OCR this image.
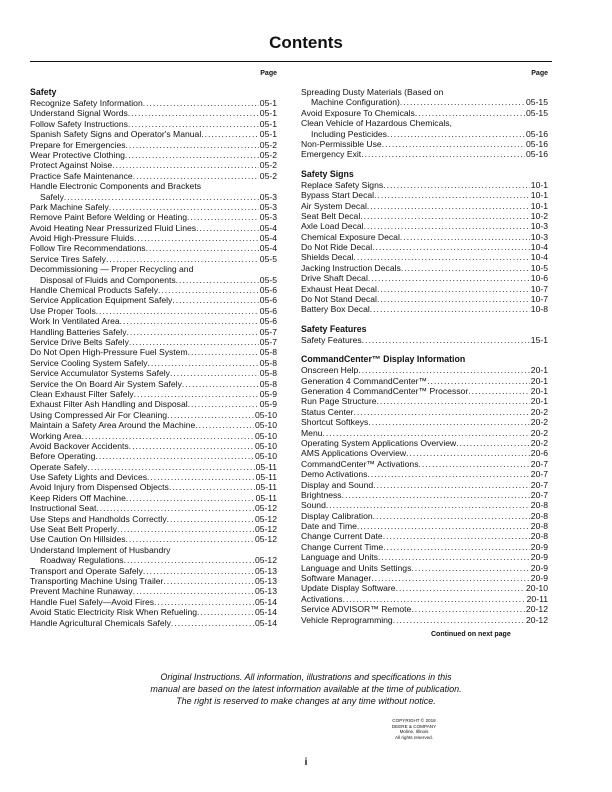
Contents
Page
Safety
Recognize Safety Information .....	05-1
Understand Signal Words .....	05-1
Follow Safety Instructions .....	05-1
Spanish Safety Signs and Operator's Manual .....	05-1
Prepare for Emergencies .....	05-2
Wear Protective Clothing .....	05-2
Protect Against Noise .....	05-2
Practice Safe Maintenance .....	05-2
Handle Electronic Components and Brackets
Safely .....	05-3
Park Machine Safely .....	05-3
Remove Paint Before Welding or Heating .....	05-3
Avoid Heating Near Pressurized Fluid Lines .....	05-4
Avoid High-Pressure Fluids .....	05-4
Follow Tire Recommendations .....	05-4
Service Tires Safely .....	05-5
Decommissioning — Proper Recycling and
Disposal of Fluids and Components .....	05-5
Handle Chemical Products Safely .....	05-6
Service Application Equipment Safely .....	05-6
Use Proper Tools .....	05-6
Work In Ventilated Area .....	05-6
Handling Batteries Safely .....	05-7
Service Drive Belts Safely .....	05-7
Do Not Open High-Pressure Fuel System .....	05-8
Service Cooling System Safely .....	05-8
Service Accumulator Systems Safely .....	05-8
Service the On Board Air System Safely .....	05-8
Clean Exhaust Filter Safely .....	05-9
Exhaust Filter Ash Handling and Disposal .....	05-9
Using Compressed Air For Cleaning .....	05-10
Maintain a Safety Area Around the Machine .....	05-10
Working Area .....	05-10
Avoid Backover Accidents .....	05-10
Before Operating .....	05-10
Operate Safely .....	05-11
Use Safety Lights and Devices .....	05-11
Avoid Injury from Dispensed Objects .....	05-11
Keep Riders Off Machine .....	05-11
Instructional Seat .....	05-12
Use Steps and Handholds Correctly .....	05-12
Use Seat Belt Properly .....	05-12
Use Caution On Hillsides .....	05-12
Understand Implement of Husbandry
Roadway Regulations .....	05-12
Transport and Operate Safely .....	05-13
Transporting Machine Using Trailer .....	05-13
Prevent Machine Runaway .....	05-13
Handle Fuel Safely—Avoid Fires .....	05-14
Avoid Static Electricity Risk When Refueling .....	05-14
Handle Agricultural Chemicals Safely .....	05-14
Page
Spreading Dusty Materials (Based on
Machine Configuration) .....	05-15
Avoid Exposure To Chemicals .....	05-15
Clean Vehicle of Hazardous Chemicals,
Including Pesticides .....	05-16
Non-Permissible Use .....	05-16
Emergency Exit .....	05-16
Safety Signs
Replace Safety Signs .....	10-1
Bypass Start Decal .....	10-1
Air System Decal .....	10-1
Seat Belt Decal .....	10-2
Axle Load Decal .....	10-3
Chemical Exposure Decal .....	10-3
Do Not Ride Decal .....	10-4
Shields Decal .....	10-4
Jacking Instruction Decals .....	10-5
Drive Shaft Decal .....	10-6
Exhaust Heat Decal .....	10-7
Do Not Stand Decal .....	10-7
Battery Box Decal .....	10-8
Safety Features
Safety Features .....	15-1
CommandCenter™ Display Information
Onscreen Help .....	20-1
Generation 4 CommandCenter™ .....	20-1
Generation 4 CommandCenter™ Processor .....	20-1
Run Page Structure .....	20-1
Status Center .....	20-2
Shortcut Softkeys .....	20-2
Menu .....	20-2
Operating System Applications Overview .....	20-2
AMS Applications Overview .....	20-6
CommandCenter™ Activations .....	20-7
Demo Activations .....	20-7
Display and Sound .....	20-7
Brightness .....	20-7
Sound .....	20-8
Display Calibration .....	20-8
Date and Time .....	20-8
Change Current Date .....	20-8
Change Current Time .....	20-9
Language and Units .....	20-9
Language and Units Settings .....	20-9
Software Manager .....	20-9
Update Display Software .....	20-10
Activations .....	20-11
Service ADVISOR™ Remote .....	20-12
Vehicle Reprogramming .....	20-12
Continued on next page
Original Instructions. All information, illustrations and specifications in this
manual are based on the latest information available at the time of publication.
The right is reserved to make changes at any time without notice.
COPYRIGHT © 2018
DEERE & COMPANY
Moline, Illinois
All rights reserved.
i
